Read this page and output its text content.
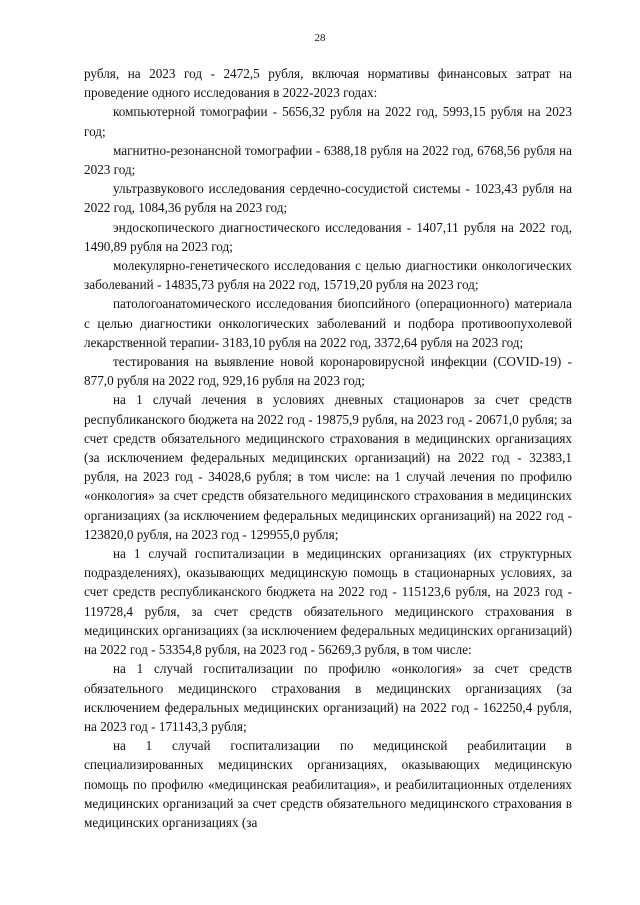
28

рубля, на 2023 год - 2472,5 рубля, включая нормативы финансовых затрат на проведение одного исследования в 2022-2023 годах:

компьютерной томографии - 5656,32 рубля на 2022 год, 5993,15 рубля на 2023 год;

магнитно-резонансной томографии - 6388,18 рубля на 2022 год, 6768,56 рубля на 2023 год;

ультразвукового исследования сердечно-сосудистой системы - 1023,43 рубля на 2022 год, 1084,36 рубля на 2023 год;

эндоскопического диагностического исследования - 1407,11 рубля на 2022 год, 1490,89 рубля на 2023 год;

молекулярно-генетического исследования с целью диагностики онкологических заболеваний - 14835,73 рубля на 2022 год, 15719,20 рубля на 2023 год;

патологоанатомического исследования биопсийного (операционного) материала с целью диагностики онкологических заболеваний и подбора противоопухолевой лекарственной терапии- 3183,10 рубля на 2022 год, 3372,64 рубля на 2023 год;

тестирования на выявление новой коронаровирусной инфекции (COVID-19) - 877,0 рубля на 2022 год, 929,16 рубля на 2023 год;

на 1 случай лечения в условиях дневных стационаров за счет средств республиканского бюджета на 2022 год - 19875,9 рубля, на 2023 год - 20671,0 рубля; за счет средств обязательного медицинского страхования в медицинских организациях (за исключением федеральных медицинских организаций) на 2022 год - 32383,1 рубля, на 2023 год - 34028,6 рубля; в том числе: на 1 случай лечения по профилю «онкология» за счет средств обязательного медицинского страхования в медицинских организациях (за исключением федеральных медицинских организаций) на 2022 год - 123820,0 рубля, на 2023 год - 129955,0 рубля;

на 1 случай госпитализации в медицинских организациях (их структурных подразделениях), оказывающих медицинскую помощь в стационарных условиях, за счет средств республиканского бюджета на 2022 год - 115123,6 рубля, на 2023 год - 119728,4 рубля, за счет средств обязательного медицинского страхования в медицинских организациях (за исключением федеральных медицинских организаций) на 2022 год - 53354,8 рубля, на 2023 год - 56269,3 рубля, в том числе:

на 1 случай госпитализации по профилю «онкология» за счет средств обязательного медицинского страхования в медицинских организациях (за исключением федеральных медицинских организаций) на 2022 год - 162250,4 рубля, на 2023 год - 171143,3 рубля;

на 1 случай госпитализации по медицинской реабилитации в специализированных медицинских организациях, оказывающих медицинскую помощь по профилю «медицинская реабилитация», и реабилитационных отделениях медицинских организаций за счет средств обязательного медицинского страхования в медицинских организациях (за
